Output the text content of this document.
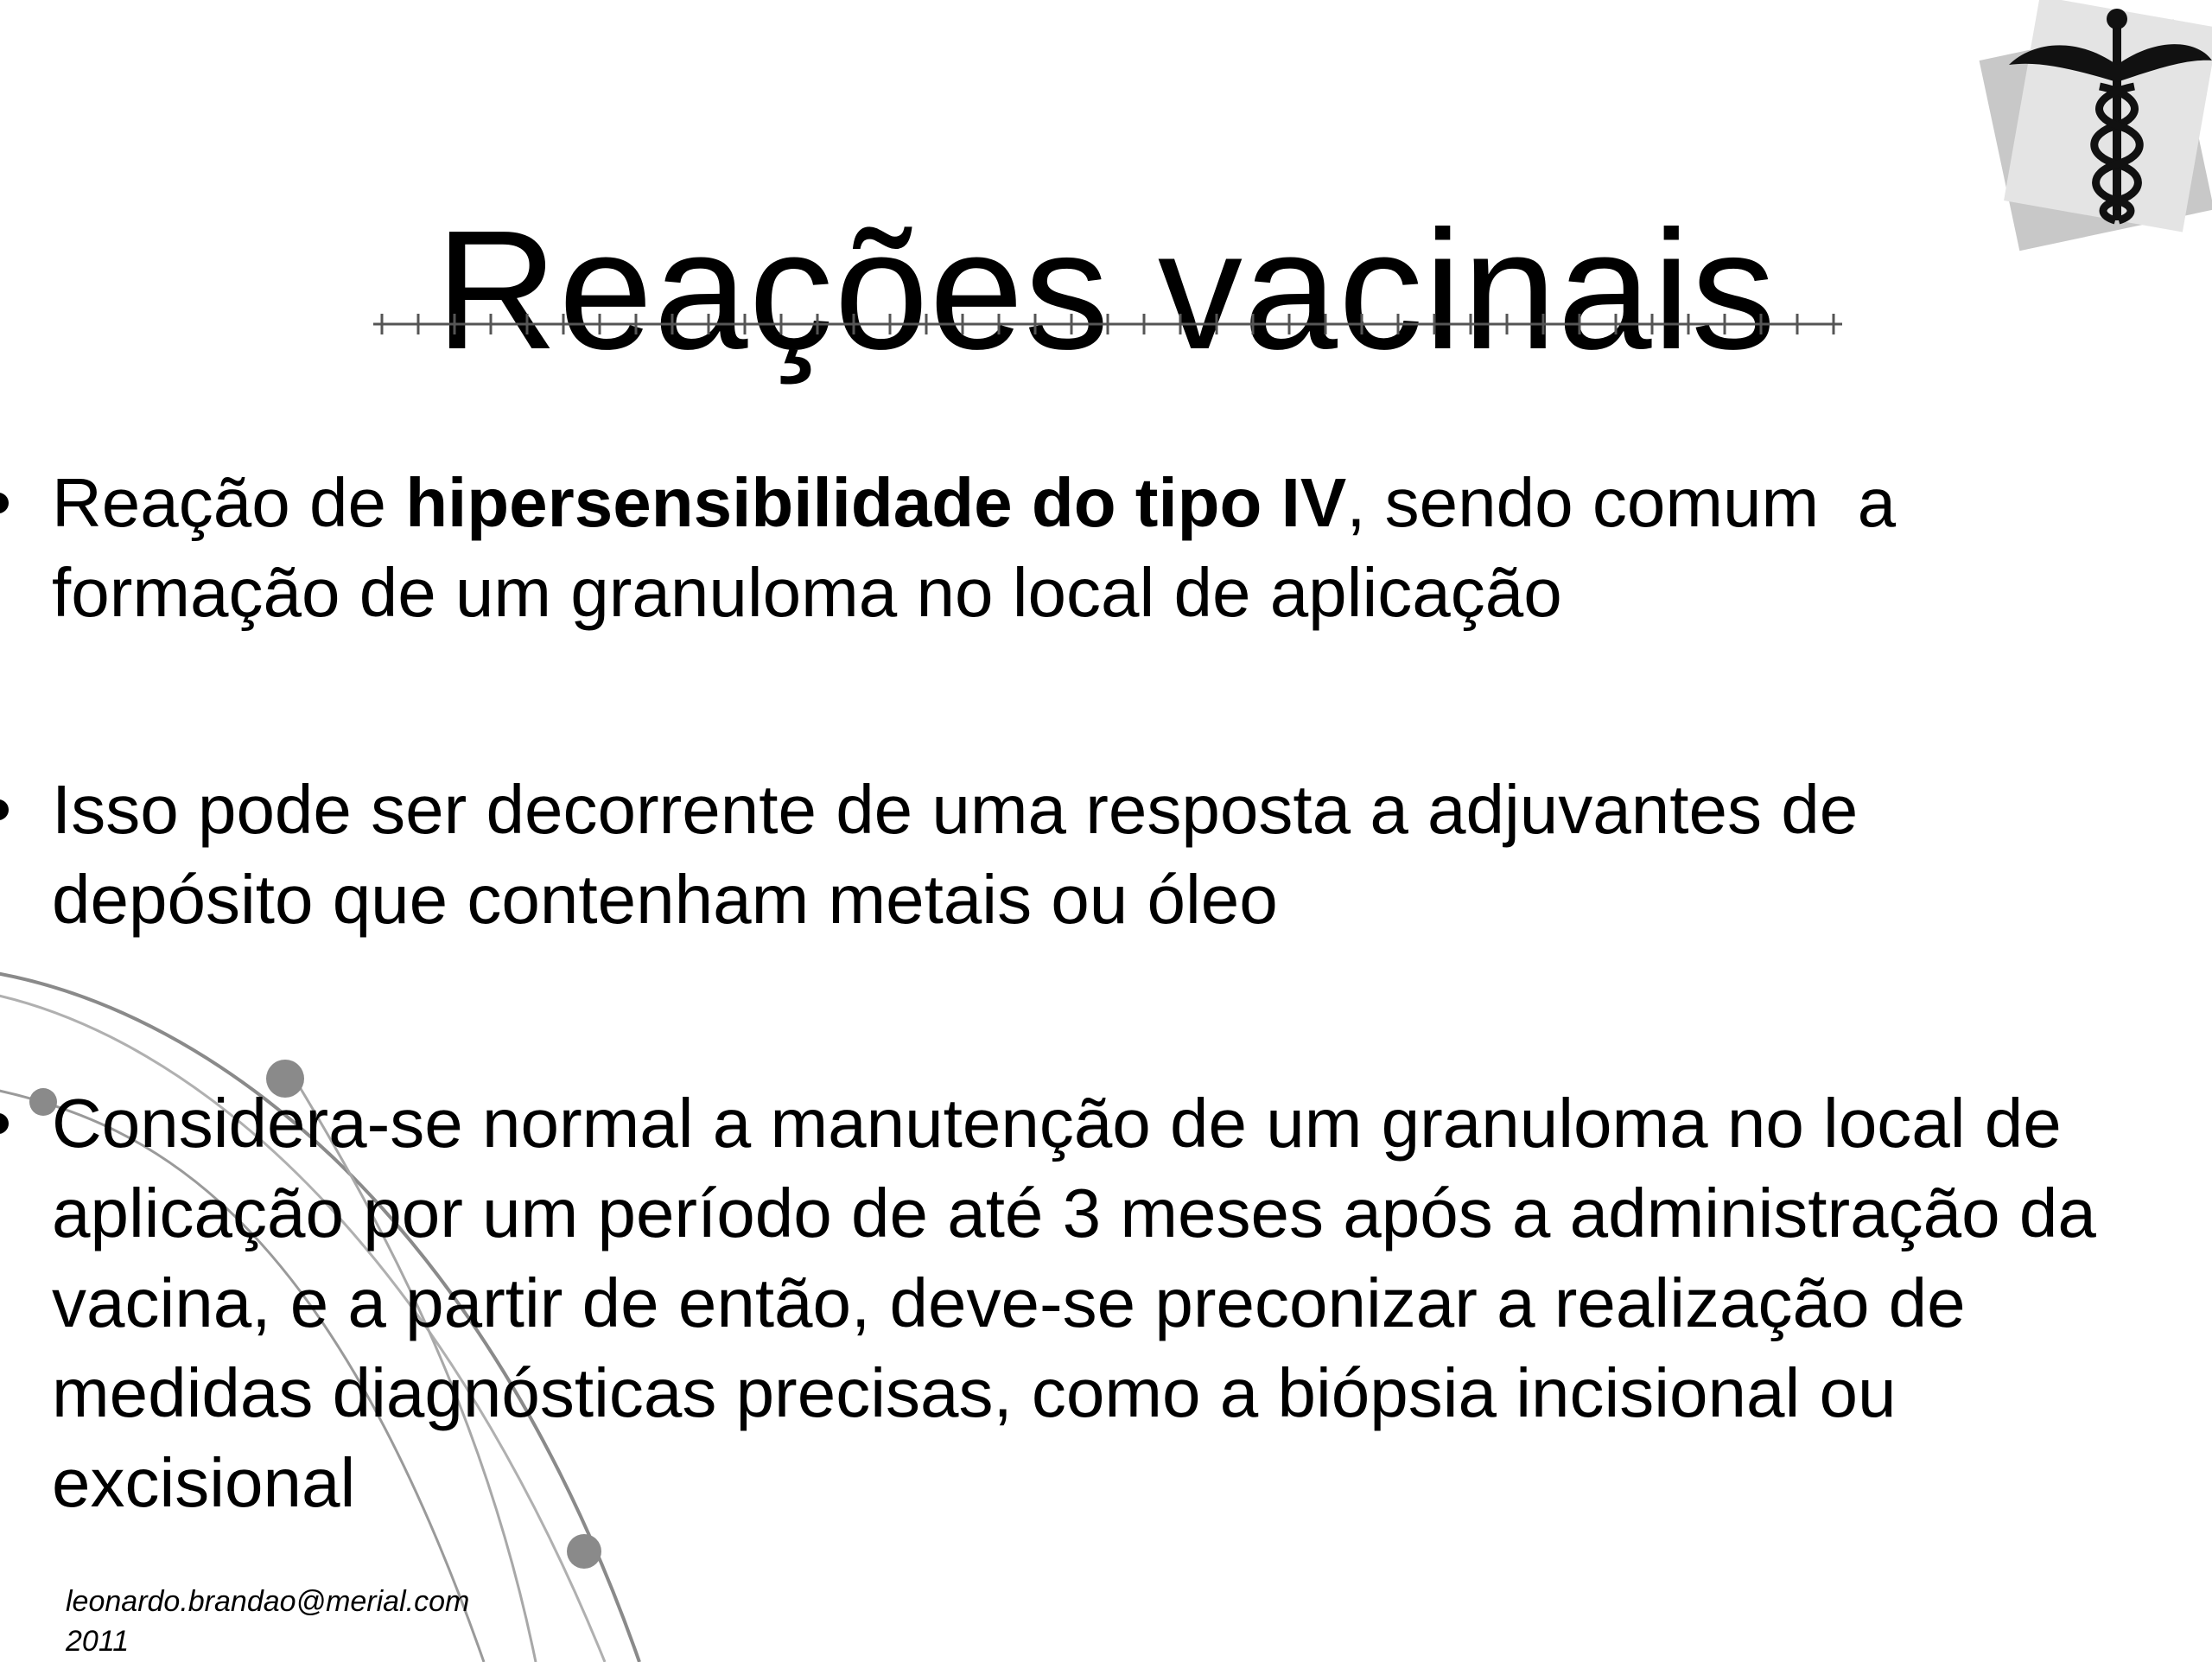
Reações vacinais
Reação de hipersensibilidade do tipo IV, sendo comum  a
formação de um granuloma no local de aplicação
Isso pode ser decorrente de uma resposta a adjuvantes de
depósito que contenham metais ou óleo
Considera-se normal a manutenção de um granuloma no local de
aplicação por um período de até 3 meses após a administração da
vacina, e a partir de então, deve-se preconizar a realização de
medidas diagnósticas precisas, como a biópsia incisional ou
excisional
leonardo.brandao@merial.com
2011
